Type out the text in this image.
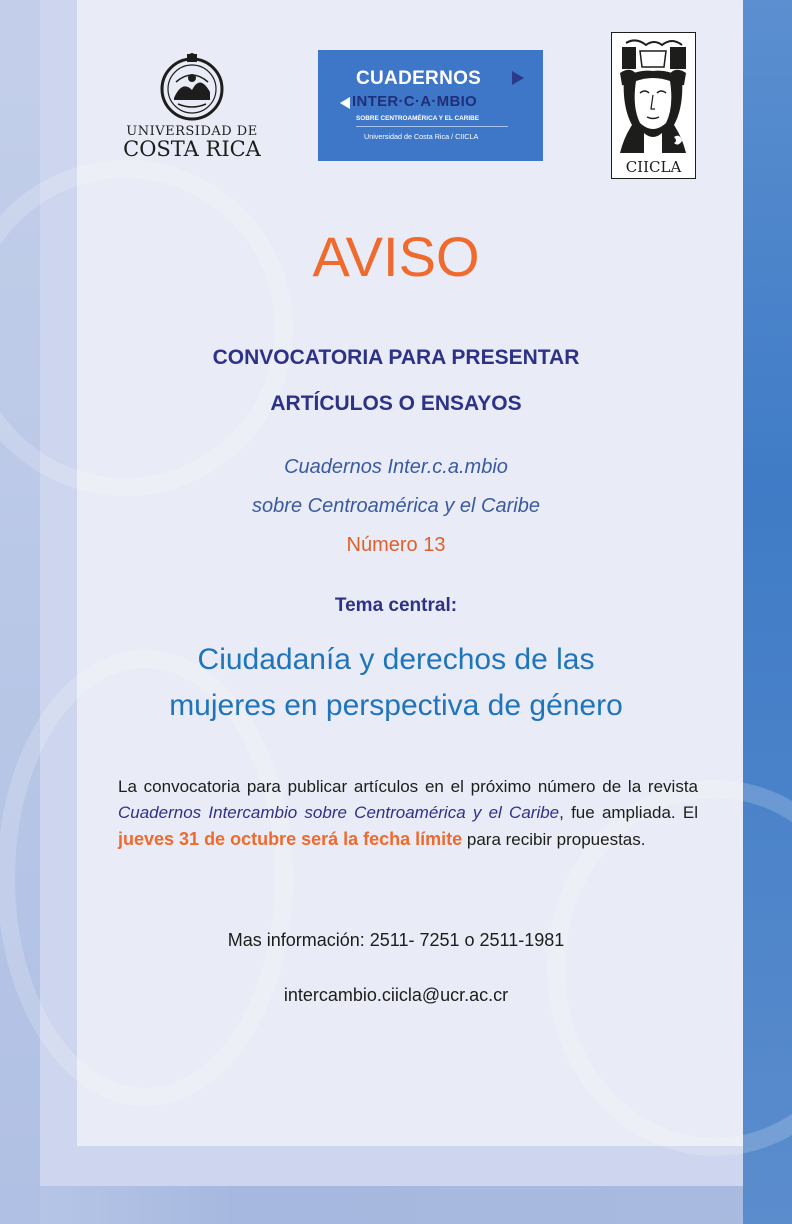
UNIVERSIDAD DE
COSTA RICA
CUADERNOS
INTER·C·A·MBIO
SOBRE CENTROAMÉRICA Y EL CARIBE
Universidad de Costa Rica / CIICLA
CIICLA
AVISO
CONVOCATORIA PARA PRESENTAR
ARTÍCULOS O ENSAYOS
Cuadernos Inter.c.a.mbio
sobre Centroamérica y el Caribe
Número 13
Tema central:
Ciudadanía y derechos de las
mujeres en perspectiva de género
La convocatoria para publicar artículos en el próximo número de la revista Cuadernos Intercambio sobre Centroamérica y el Caribe, fue ampliada. El jueves 31 de octubre será la fecha límite para recibir propuestas.
Mas información: 2511- 7251 o 2511-1981
intercambio.ciicla@ucr.ac.cr
